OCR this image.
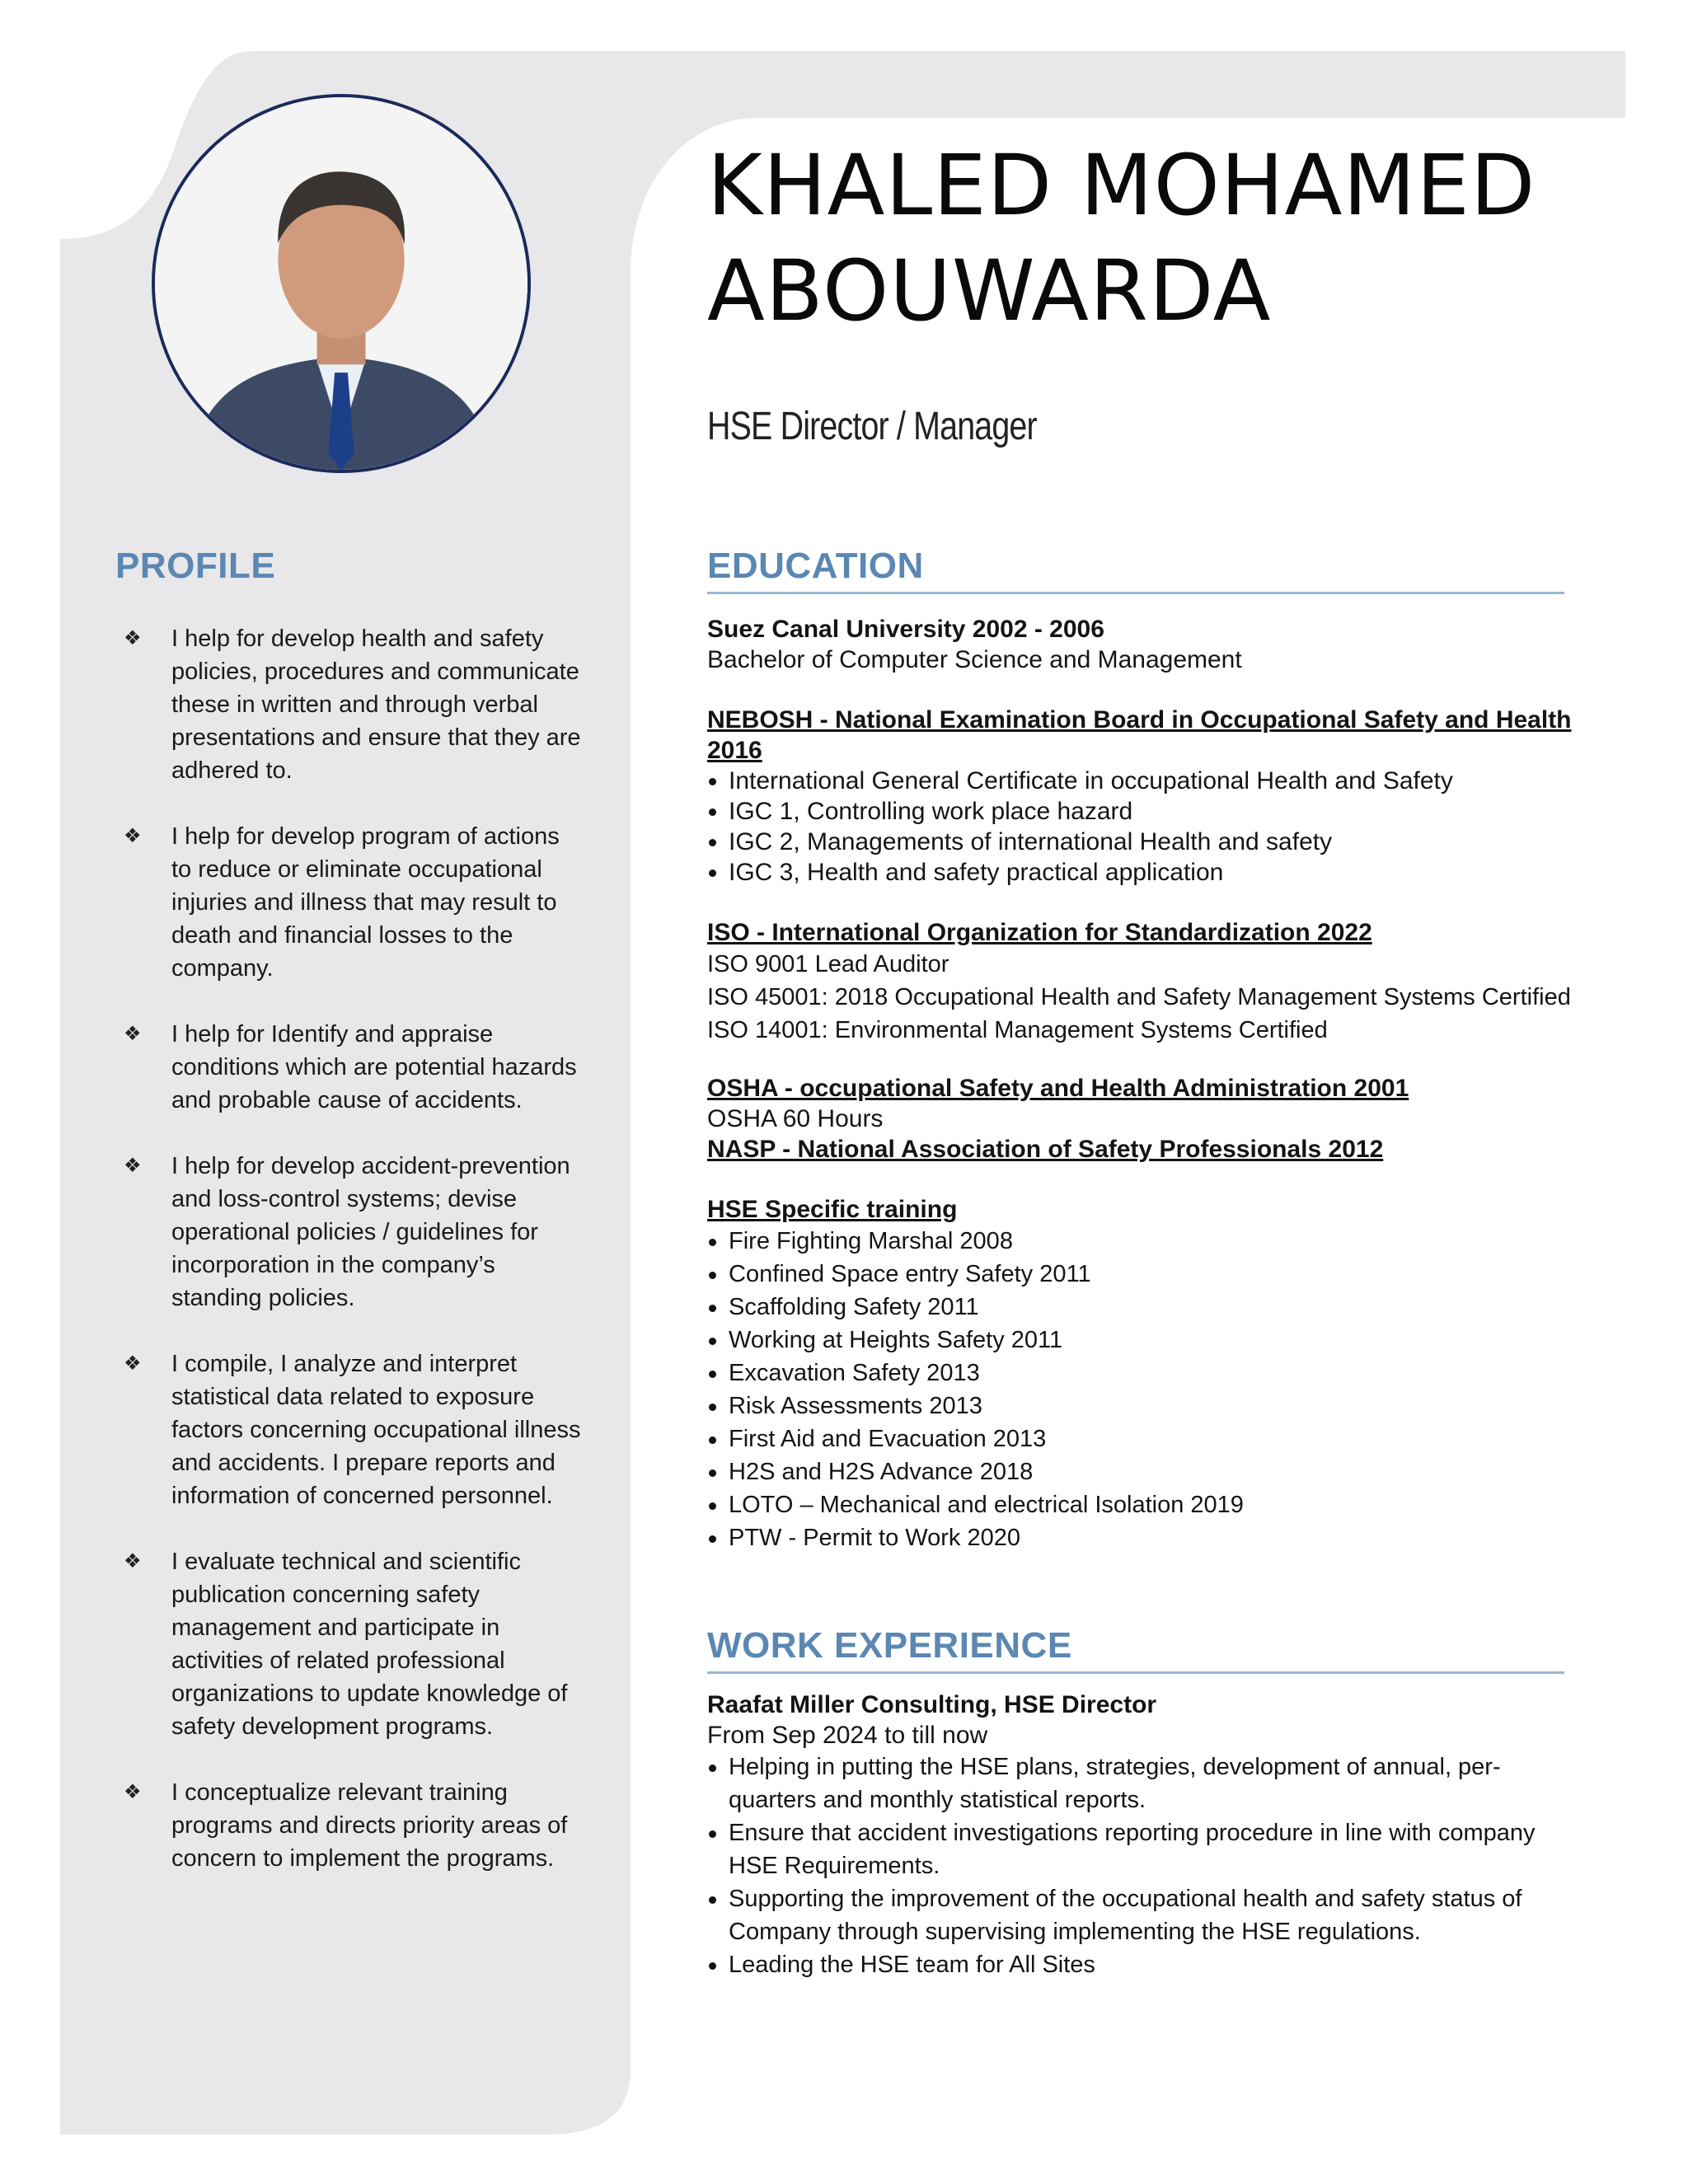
KHALED MOHAMED
ABOUWARDA
HSE Director / Manager
PROFILE
❖ I help for develop health and safety policies, procedures and communicate these in written and through verbal presentations and ensure that they are adhered to.
❖ I help for develop program of actions to reduce or eliminate occupational injuries and illness that may result to death and financial losses to the company.
❖ I help for Identify and appraise conditions which are potential hazards and probable cause of accidents.
❖ I help for develop accident-prevention and loss-control systems; devise operational policies / guidelines for incorporation in the company’s standing policies.
❖ I compile, I analyze and interpret statistical data related to exposure factors concerning occupational illness and accidents. I prepare reports and information of concerned personnel.
❖ I evaluate technical and scientific publication concerning safety management and participate in activities of related professional organizations to update knowledge of safety development programs.
❖ I conceptualize relevant training programs and directs priority areas of concern to implement the programs.
EDUCATION

Suez Canal University 2002 - 2006

Bachelor of Computer Science and Management

NEBOSH - National Examination Board in Occupational Safety and Health 2016

International General Certificate in occupational Health and Safety
IGC 1, Controlling work place hazard
IGC 2, Managements of international Health and safety
IGC 3, Health and safety practical application

ISO - International Organization for Standardization 2022

ISO 9001 Lead Auditor

ISO 45001: 2018 Occupational Health and Safety Management Systems Certified

ISO 14001: Environmental Management Systems Certified

OSHA - occupational Safety and Health Administration 2001

OSHA 60 Hours

NASP - National Association of Safety Professionals 2012

HSE Specific training

Fire Fighting Marshal 2008
Confined Space entry Safety 2011
Scaffolding Safety 2011
Working at Heights Safety 2011
Excavation Safety 2013
Risk Assessments 2013
First Aid and Evacuation 2013
H2S and H2S Advance 2018
LOTO – Mechanical and electrical Isolation 2019
PTW - Permit to Work 2020
WORK EXPERIENCE

Raafat Miller Consulting, HSE Director

From Sep 2024 to till now

Helping in putting the HSE plans, strategies, development of annual, per-quarters and monthly statistical reports.
Ensure that accident investigations reporting procedure in line with company HSE Requirements.
Supporting the improvement of the occupational health and safety status of Company through supervising implementing the HSE regulations.
Leading the HSE team for All Sites
